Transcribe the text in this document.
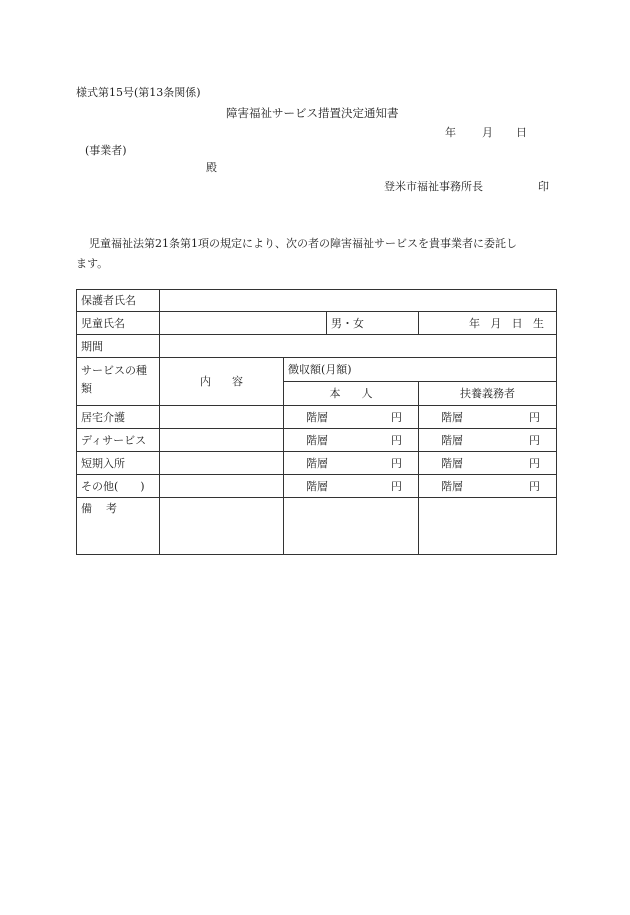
様式第15号(第13条関係)
障害福祉サービス措置決定通知書
年 月 日
(事業者)
殿
登米市福祉事務所長	印
児童福祉法第21条第1項の規定により、次の者の障害福祉サービスを貴事業者に委託し
ます。
保護者氏名				
児童氏名			男・女	年 月 日 生

期間				
サービスの種類	内 容	徴収額(月額)		
		本 人		扶養義務者
居宅介護		階層 円		階層 円

ディサービス		階層 円		階層 円

短期入所		階層 円		階層 円

その他(　　)		階層 円		階層 円

備 考				
